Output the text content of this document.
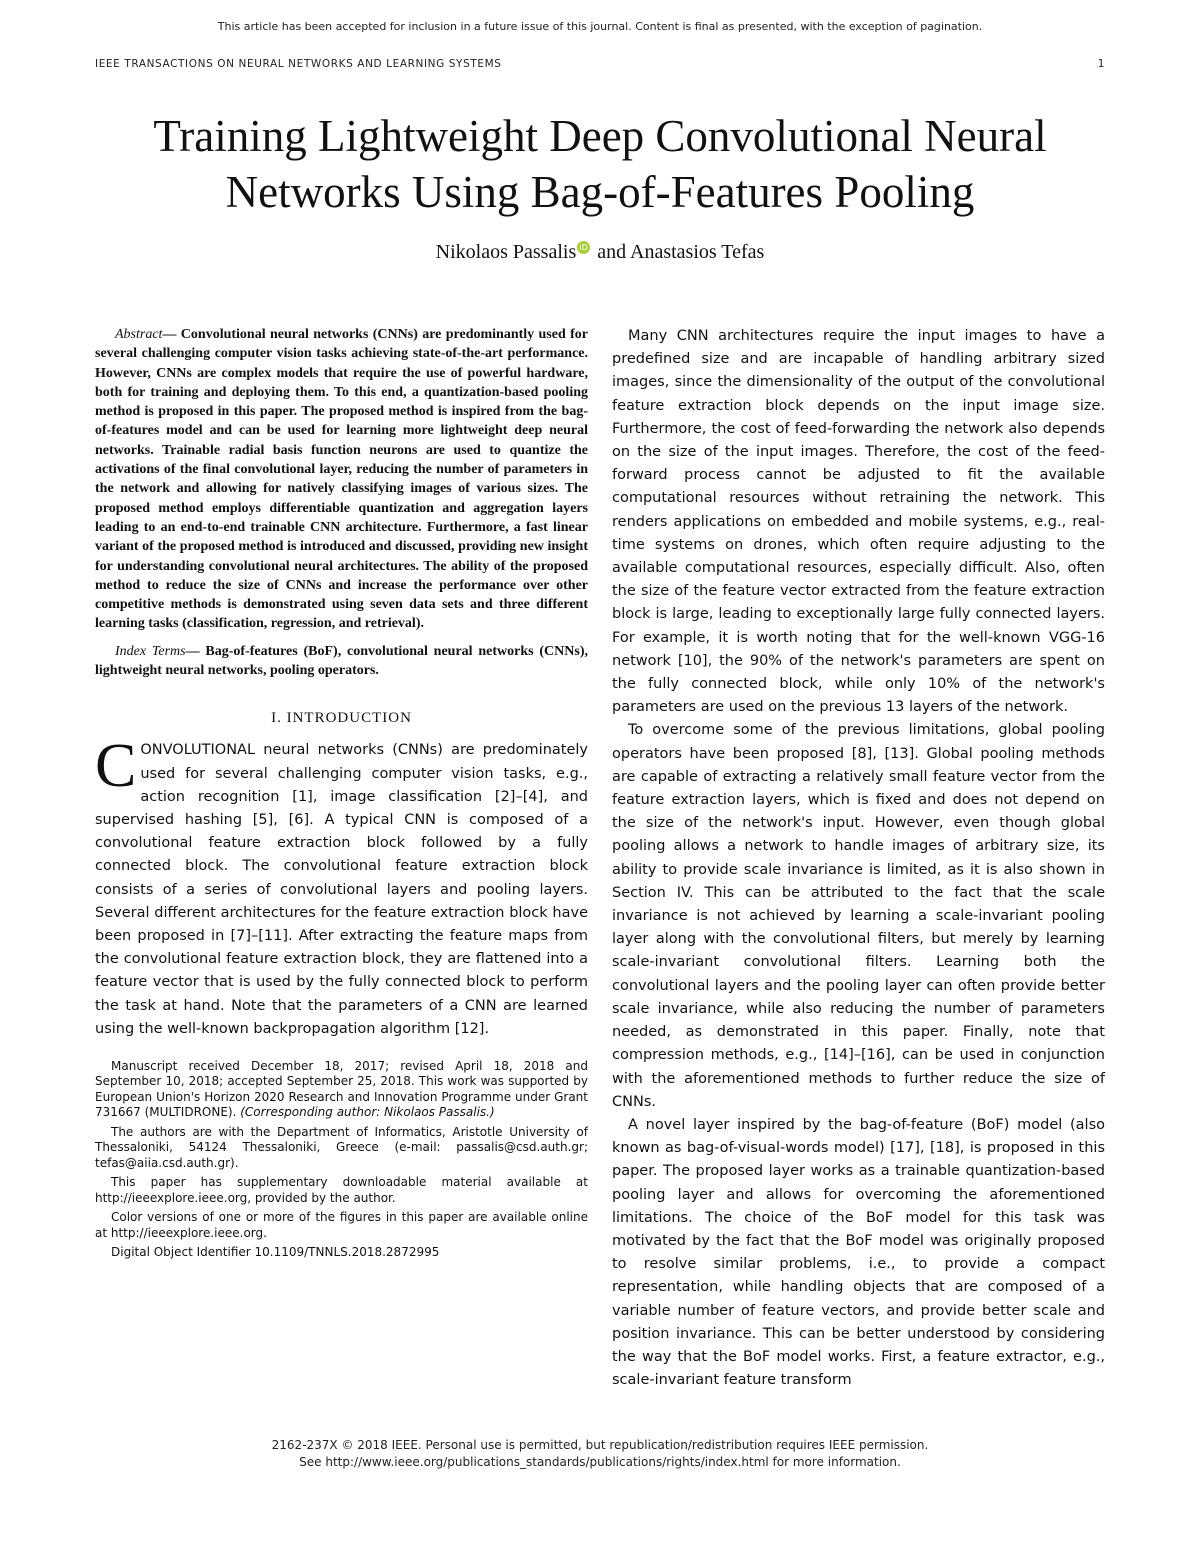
This article has been accepted for inclusion in a future issue of this journal. Content is final as presented, with the exception of pagination.
IEEE TRANSACTIONS ON NEURAL NETWORKS AND LEARNING SYSTEMS	1
Training Lightweight Deep Convolutional Neural
Networks Using Bag-of-Features Pooling
Nikolaos Passalis iD and Anastasios Tefas

Abstract— Convolutional neural networks (CNNs) are predominantly used for several challenging computer vision tasks achieving state-of-the-art performance. However, CNNs are complex models that require the use of powerful hardware, both for training and deploying them. To this end, a quantization-based pooling method is proposed in this paper. The proposed method is inspired from the bag-of-features model and can be used for learning more lightweight deep neural networks. Trainable radial basis function neurons are used to quantize the activations of the final convolutional layer, reducing the number of parameters in the network and allowing for natively classifying images of various sizes. The proposed method employs differentiable quantization and aggregation layers leading to an end-to-end trainable CNN architecture. Furthermore, a fast linear variant of the proposed method is introduced and discussed, providing new insight for understanding convolutional neural architectures. The ability of the proposed method to reduce the size of CNNs and increase the performance over other competitive methods is demonstrated using seven data sets and three different learning tasks (classification, regression, and retrieval).

Index Terms— Bag-of-features (BoF), convolutional neural networks (CNNs), lightweight neural networks, pooling operators.

I. INTRODUCTION

CONVOLUTIONAL neural networks (CNNs) are predominately used for several challenging computer vision tasks, e.g., action recognition [1], image classification [2]–[4], and supervised hashing [5], [6]. A typical CNN is composed of a convolutional feature extraction block followed by a fully connected block. The convolutional feature extraction block consists of a series of convolutional layers and pooling layers. Several different architectures for the feature extraction block have been proposed in [7]–[11]. After extracting the feature maps from the convolutional feature extraction block, they are flattened into a feature vector that is used by the fully connected block to perform the task at hand. Note that the parameters of a CNN are learned using the well-known backpropagation algorithm [12].

Manuscript received December 18, 2017; revised April 18, 2018 and September 10, 2018; accepted September 25, 2018. This work was supported by European Union's Horizon 2020 Research and Innovation Programme under Grant 731667 (MULTIDRONE). (Corresponding author: Nikolaos Passalis.)

The authors are with the Department of Informatics, Aristotle University of Thessaloniki, 54124 Thessaloniki, Greece (e-mail: passalis@csd.auth.gr; tefas@aiia.csd.auth.gr).

This paper has supplementary downloadable material available at http://ieeexplore.ieee.org, provided by the author.

Color versions of one or more of the figures in this paper are available online at http://ieeexplore.ieee.org.

Digital Object Identifier 10.1109/TNNLS.2018.2872995

Many CNN architectures require the input images to have a predefined size and are incapable of handling arbitrary sized images, since the dimensionality of the output of the convolutional feature extraction block depends on the input image size. Furthermore, the cost of feed-forwarding the network also depends on the size of the input images. Therefore, the cost of the feed-forward process cannot be adjusted to fit the available computational resources without retraining the network. This renders applications on embedded and mobile systems, e.g., real-time systems on drones, which often require adjusting to the available computational resources, especially difficult. Also, often the size of the feature vector extracted from the feature extraction block is large, leading to exceptionally large fully connected layers. For example, it is worth noting that for the well-known VGG-16 network [10], the 90% of the network's parameters are spent on the fully connected block, while only 10% of the network's parameters are used on the previous 13 layers of the network.

To overcome some of the previous limitations, global pooling operators have been proposed [8], [13]. Global pooling methods are capable of extracting a relatively small feature vector from the feature extraction layers, which is fixed and does not depend on the size of the network's input. However, even though global pooling allows a network to handle images of arbitrary size, its ability to provide scale invariance is limited, as it is also shown in Section IV. This can be attributed to the fact that the scale invariance is not achieved by learning a scale-invariant pooling layer along with the convolutional filters, but merely by learning scale-invariant convolutional filters. Learning both the convolutional layers and the pooling layer can often provide better scale invariance, while also reducing the number of parameters needed, as demonstrated in this paper. Finally, note that compression methods, e.g., [14]–[16], can be used in conjunction with the aforementioned methods to further reduce the size of CNNs.

A novel layer inspired by the bag-of-feature (BoF) model (also known as bag-of-visual-words model) [17], [18], is proposed in this paper. The proposed layer works as a trainable quantization-based pooling layer and allows for overcoming the aforementioned limitations. The choice of the BoF model for this task was motivated by the fact that the BoF model was originally proposed to resolve similar problems, i.e., to provide a compact representation, while handling objects that are composed of a variable number of feature vectors, and provide better scale and position invariance. This can be better understood by considering the way that the BoF model works. First, a feature extractor, e.g., scale-invariant feature transform

2162-237X © 2018 IEEE. Personal use is permitted, but republication/redistribution requires IEEE permission.
See http://www.ieee.org/publications_standards/publications/rights/index.html for more information.
